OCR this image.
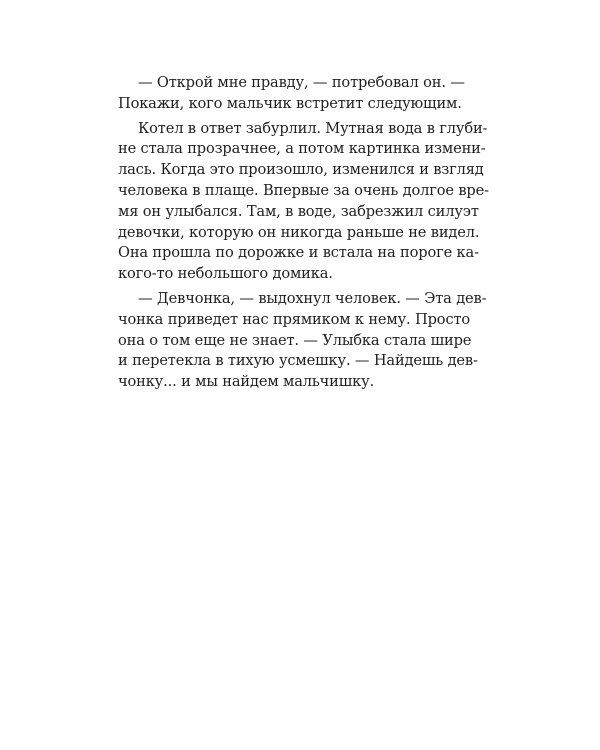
— Открой мне правду, — потребовал он. —
Покажи, кого мальчик встретит следующим.
Котел в ответ забурлил. Мутная вода в глуби-
не стала прозрачнее, а потом картинка измени-
лась. Когда это произошло, изменился и взгляд
человека в плаще. Впервые за очень долгое вре-
мя он улыбался. Там, в воде, забрезжил силуэт
девочки, которую он никогда раньше не видел.
Она прошла по дорожке и встала на пороге ка-
кого-то небольшого домика.
— Девчонка, — выдохнул человек. — Эта дев-
чонка приведет нас прямиком к нему. Просто
она о том еще не знает. — Улыбка стала шире
и перетекла в тихую усмешку. — Найдешь дев-
чонку... и мы найдем мальчишку.
